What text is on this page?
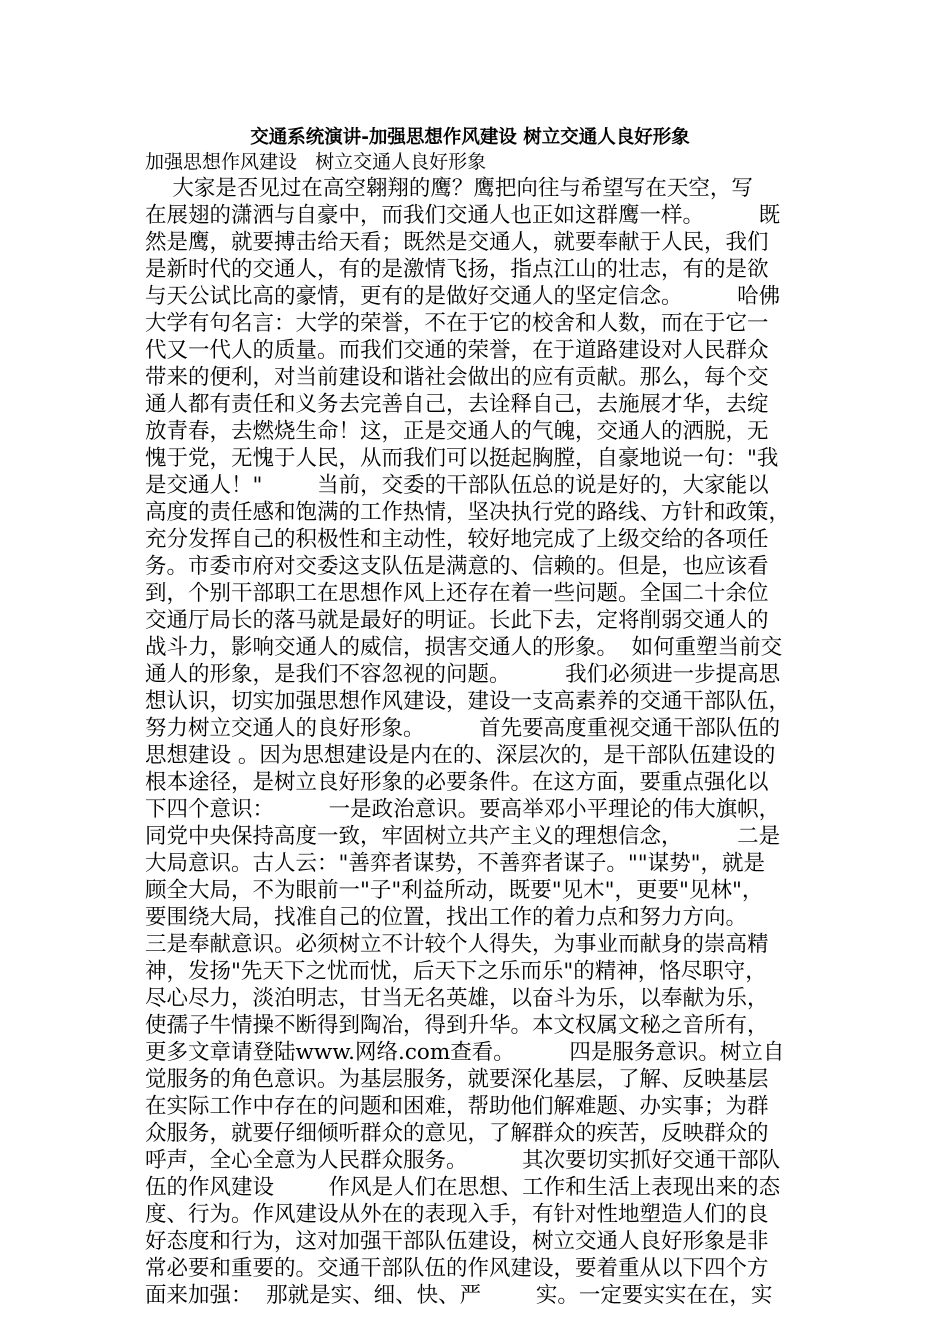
交通系统演讲-加强思想作风建设 树立交通人良好形象
加强思想作风建设   树立交通人良好形象
大家是否见过在高空翱翔的鹰？鹰把向往与希望写在天空，写
在展翅的潇洒与自豪中，而我们交通人也正如这群鹰一样。        既
然是鹰，就要搏击给天看；既然是交通人，就要奉献于人民，我们
是新时代的交通人，有的是激情飞扬，指点江山的壮志，有的是欲
与天公试比高的豪情，更有的是做好交通人的坚定信念。        哈佛
大学有句名言：大学的荣誉，不在于它的校舍和人数，而在于它一
代又一代人的质量。而我们交通的荣誉，在于道路建设对人民群众
带来的便利，对当前建设和谐社会做出的应有贡献。那么，每个交
通人都有责任和义务去完善自己，去诠释自己，去施展才华，去绽
放青春，去燃烧生命！这，正是交通人的气魄，交通人的洒脱，无
愧于党，无愧于人民，从而我们可以挺起胸膛，自豪地说一句："我
是交通人！"        当前，交委的干部队伍总的说是好的，大家能以
高度的责任感和饱满的工作热情，坚决执行党的路线、方针和政策，
充分发挥自己的积极性和主动性，较好地完成了上级交给的各项任
务。市委市府对交委这支队伍是满意的、信赖的。但是，也应该看
到，个别干部职工在思想作风上还存在着一些问题。全国二十余位
交通厅局长的落马就是最好的明证。长此下去，定将削弱交通人的
战斗力，影响交通人的威信，损害交通人的形象。  如何重塑当前交
通人的形象，是我们不容忽视的问题。        我们必须进一步提高思
想认识，切实加强思想作风建设，建设一支高素养的交通干部队伍，
努力树立交通人的良好形象。        首先要高度重视交通干部队伍的
思想建设 。因为思想建设是内在的、深层次的，是干部队伍建设的
根本途径，是树立良好形象的必要条件。在这方面，要重点强化以
下四个意识：        一是政治意识。要高举邓小平理论的伟大旗帜，
同党中央保持高度一致，牢固树立共产主义的理想信念，        二是
大局意识。古人云："善弈者谋势，不善弈者谋子。""谋势"，就是
顾全大局，不为眼前一"子"利益所动，既要"见木"，更要"见林"，
要围绕大局，找准自己的位置，找出工作的着力点和努力方向。
三是奉献意识。必须树立不计较个人得失，为事业而献身的崇高精
神，发扬"先天下之忧而忧，后天下之乐而乐"的精神，恪尽职守，
尽心尽力，淡泊明志，甘当无名英雄，以奋斗为乐，以奉献为乐，
使孺子牛情操不断得到陶冶，得到升华。本文权属文秘之音所有，
更多文章请登陆www.网络.com查看。        四是服务意识。树立自
觉服务的角色意识。为基层服务，就要深化基层，了解、反映基层
在实际工作中存在的问题和困难，帮助他们解难题、办实事；为群
众服务，就要仔细倾听群众的意见，了解群众的疾苦，反映群众的
呼声，全心全意为人民群众服务。        其次要切实抓好交通干部队
伍的作风建设        作风是人们在思想、工作和生活上表现出来的态
度、行为。作风建设从外在的表现入手，有针对性地塑造人们的良
好态度和行为，这对加强干部队伍建设，树立交通人良好形象是非
常必要和重要的。交通干部队伍的作风建设，要着重从以下四个方
面来加强：  那就是实、细、快、严        实。一定要实实在在，实
